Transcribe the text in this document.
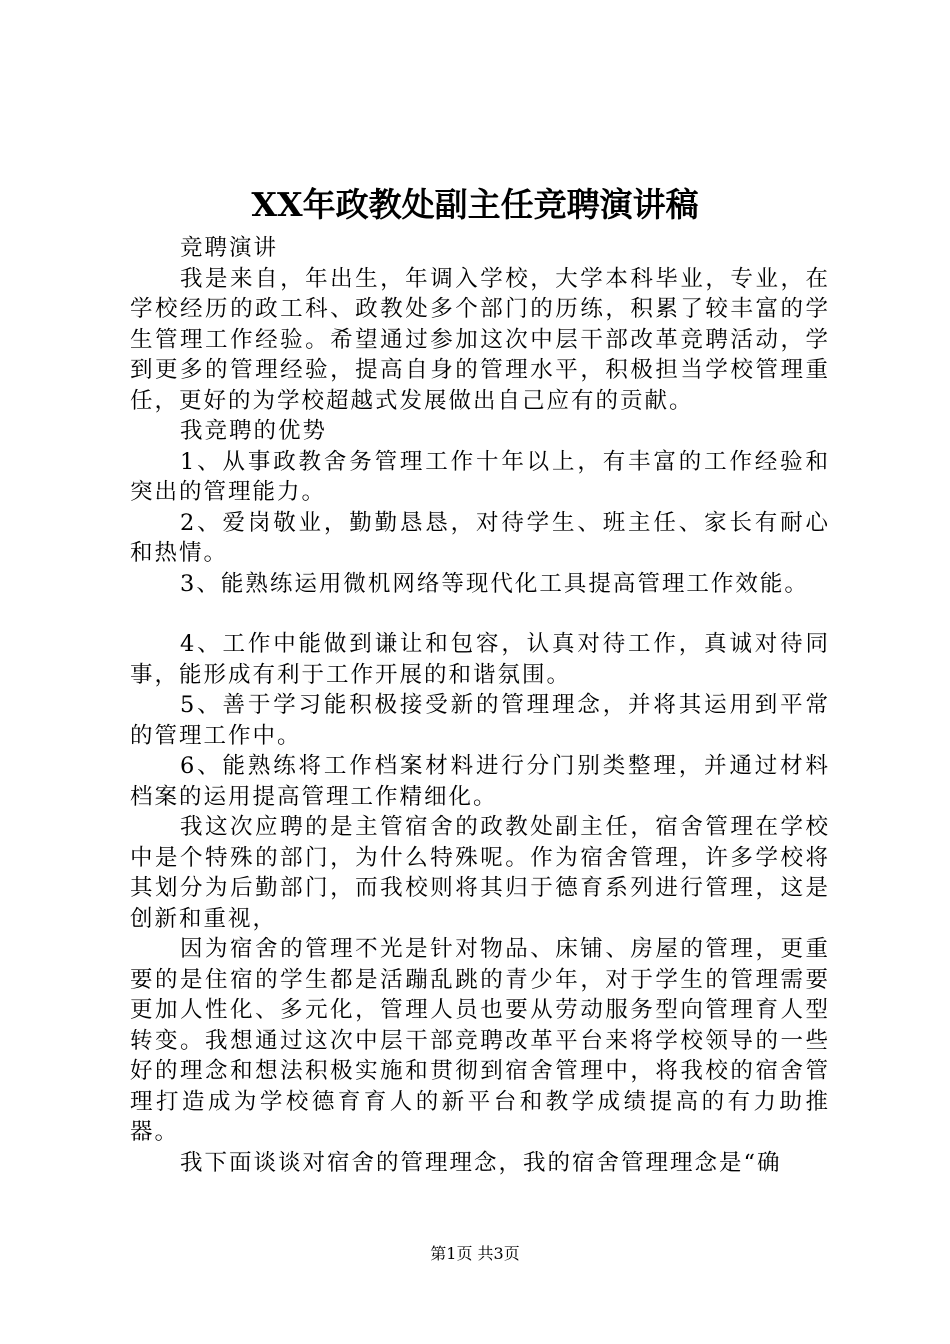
XX年政教处副主任竞聘演讲稿

竞聘演讲

我是来自，年出生，年调入学校，大学本科毕业，专业，在学校经历的政工科、政教处多个部门的历练，积累了较丰富的学生管理工作经验。希望通过参加这次中层干部改革竞聘活动，学到更多的管理经验，提高自身的管理水平，积极担当学校管理重任，更好的为学校超越式发展做出自己应有的贡献。

我竞聘的优势

1、从事政教舍务管理工作十年以上，有丰富的工作经验和突出的管理能力。

2、爱岗敬业，勤勤恳恳，对待学生、班主任、家长有耐心和热情。

3、能熟练运用微机网络等现代化工具提高管理工作效能。

4、工作中能做到谦让和包容，认真对待工作，真诚对待同事，能形成有利于工作开展的和谐氛围。

5、善于学习能积极接受新的管理理念，并将其运用到平常的管理工作中。

6、能熟练将工作档案材料进行分门别类整理，并通过材料档案的运用提高管理工作精细化。

我这次应聘的是主管宿舍的政教处副主任，宿舍管理在学校中是个特殊的部门，为什么特殊呢。作为宿舍管理，许多学校将其划分为后勤部门，而我校则将其归于德育系列进行管理，这是创新和重视，

因为宿舍的管理不光是针对物品、床铺、房屋的管理，更重要的是住宿的学生都是活蹦乱跳的青少年，对于学生的管理需要更加人性化、多元化，管理人员也要从劳动服务型向管理育人型转变。我想通过这次中层干部竞聘改革平台来将学校领导的一些好的理念和想法积极实施和贯彻到宿舍管理中，将我校的宿舍管理打造成为学校德育育人的新平台和教学成绩提高的有力助推器。

我下面谈谈对宿舍的管理理念，我的宿舍管理理念是“确

第1页 共3页
